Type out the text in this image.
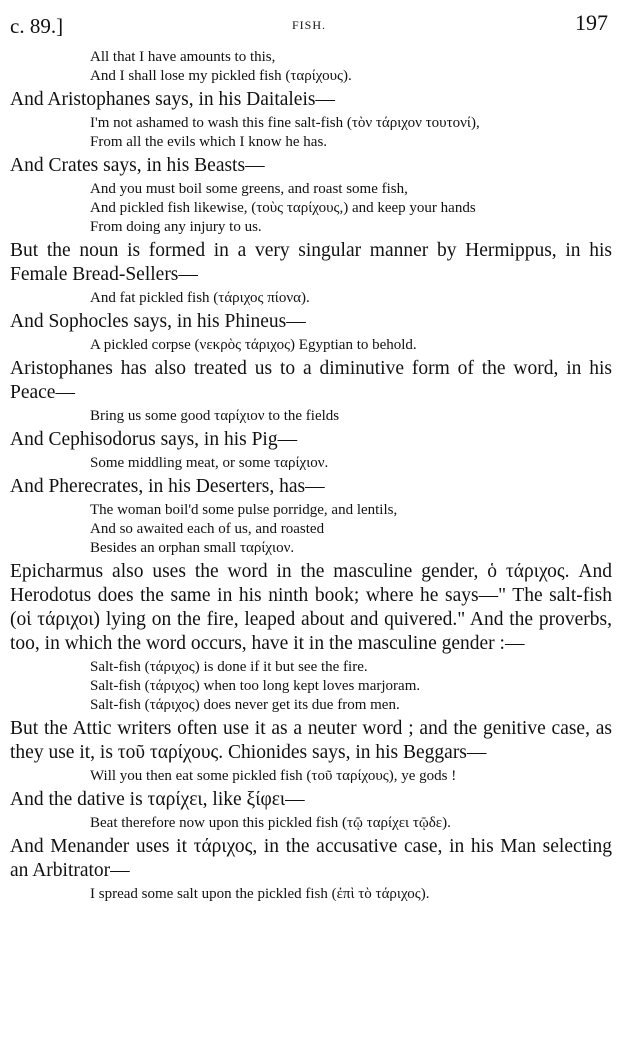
c. 89.]	FISH.	197
All that I have amounts to this,
And I shall lose my pickled fish (ταρίχους).

And Aristophanes says, in his Daitaleis—

I'm not ashamed to wash this fine salt-fish (τὸν τάριχον τουτονί),
From all the evils which I know he has.

And Crates says, in his Beasts—

And you must boil some greens, and roast some fish,
And pickled fish likewise, (τοὺς ταρίχους,) and keep your hands
From doing any injury to us.

But the noun is formed in a very singular manner by Hermippus, in his Female Bread-Sellers—

And fat pickled fish (τάριχος πίονα).

And Sophocles says, in his Phineus—

A pickled corpse (νεκρὸς τάριχος) Egyptian to behold.

Aristophanes has also treated us to a diminutive form of the word, in his Peace—

Bring us some good ταρίχιον to the fields

And Cephisodorus says, in his Pig—

Some middling meat, or some ταρίχιον.

And Pherecrates, in his Deserters, has—

The woman boil'd some pulse porridge, and lentils,
And so awaited each of us, and roasted
Besides an orphan small ταρίχιον.

Epicharmus also uses the word in the masculine gender, ὁ τάριχος. And Herodotus does the same in his ninth book; where he says—" The salt-fish (οἱ τάριχοι) lying on the fire, leaped about and quivered." And the proverbs, too, in which the word occurs, have it in the masculine gender :—

Salt-fish (τάριχος) is done if it but see the fire.
Salt-fish (τάριχος) when too long kept loves marjoram.
Salt-fish (τάριχος) does never get its due from men.

But the Attic writers often use it as a neuter word ; and the genitive case, as they use it, is τοῦ ταρίχους. Chionides says, in his Beggars—

Will you then eat some pickled fish (τοῦ ταρίχους), ye gods !

And the dative is ταρίχει, like ξίφει—

Beat therefore now upon this pickled fish (τῷ ταρίχει τῷδε).

And Menander uses it τάριχος, in the accusative case, in his Man selecting an Arbitrator—

I spread some salt upon the pickled fish (ἐπὶ τὸ τάριχος).
